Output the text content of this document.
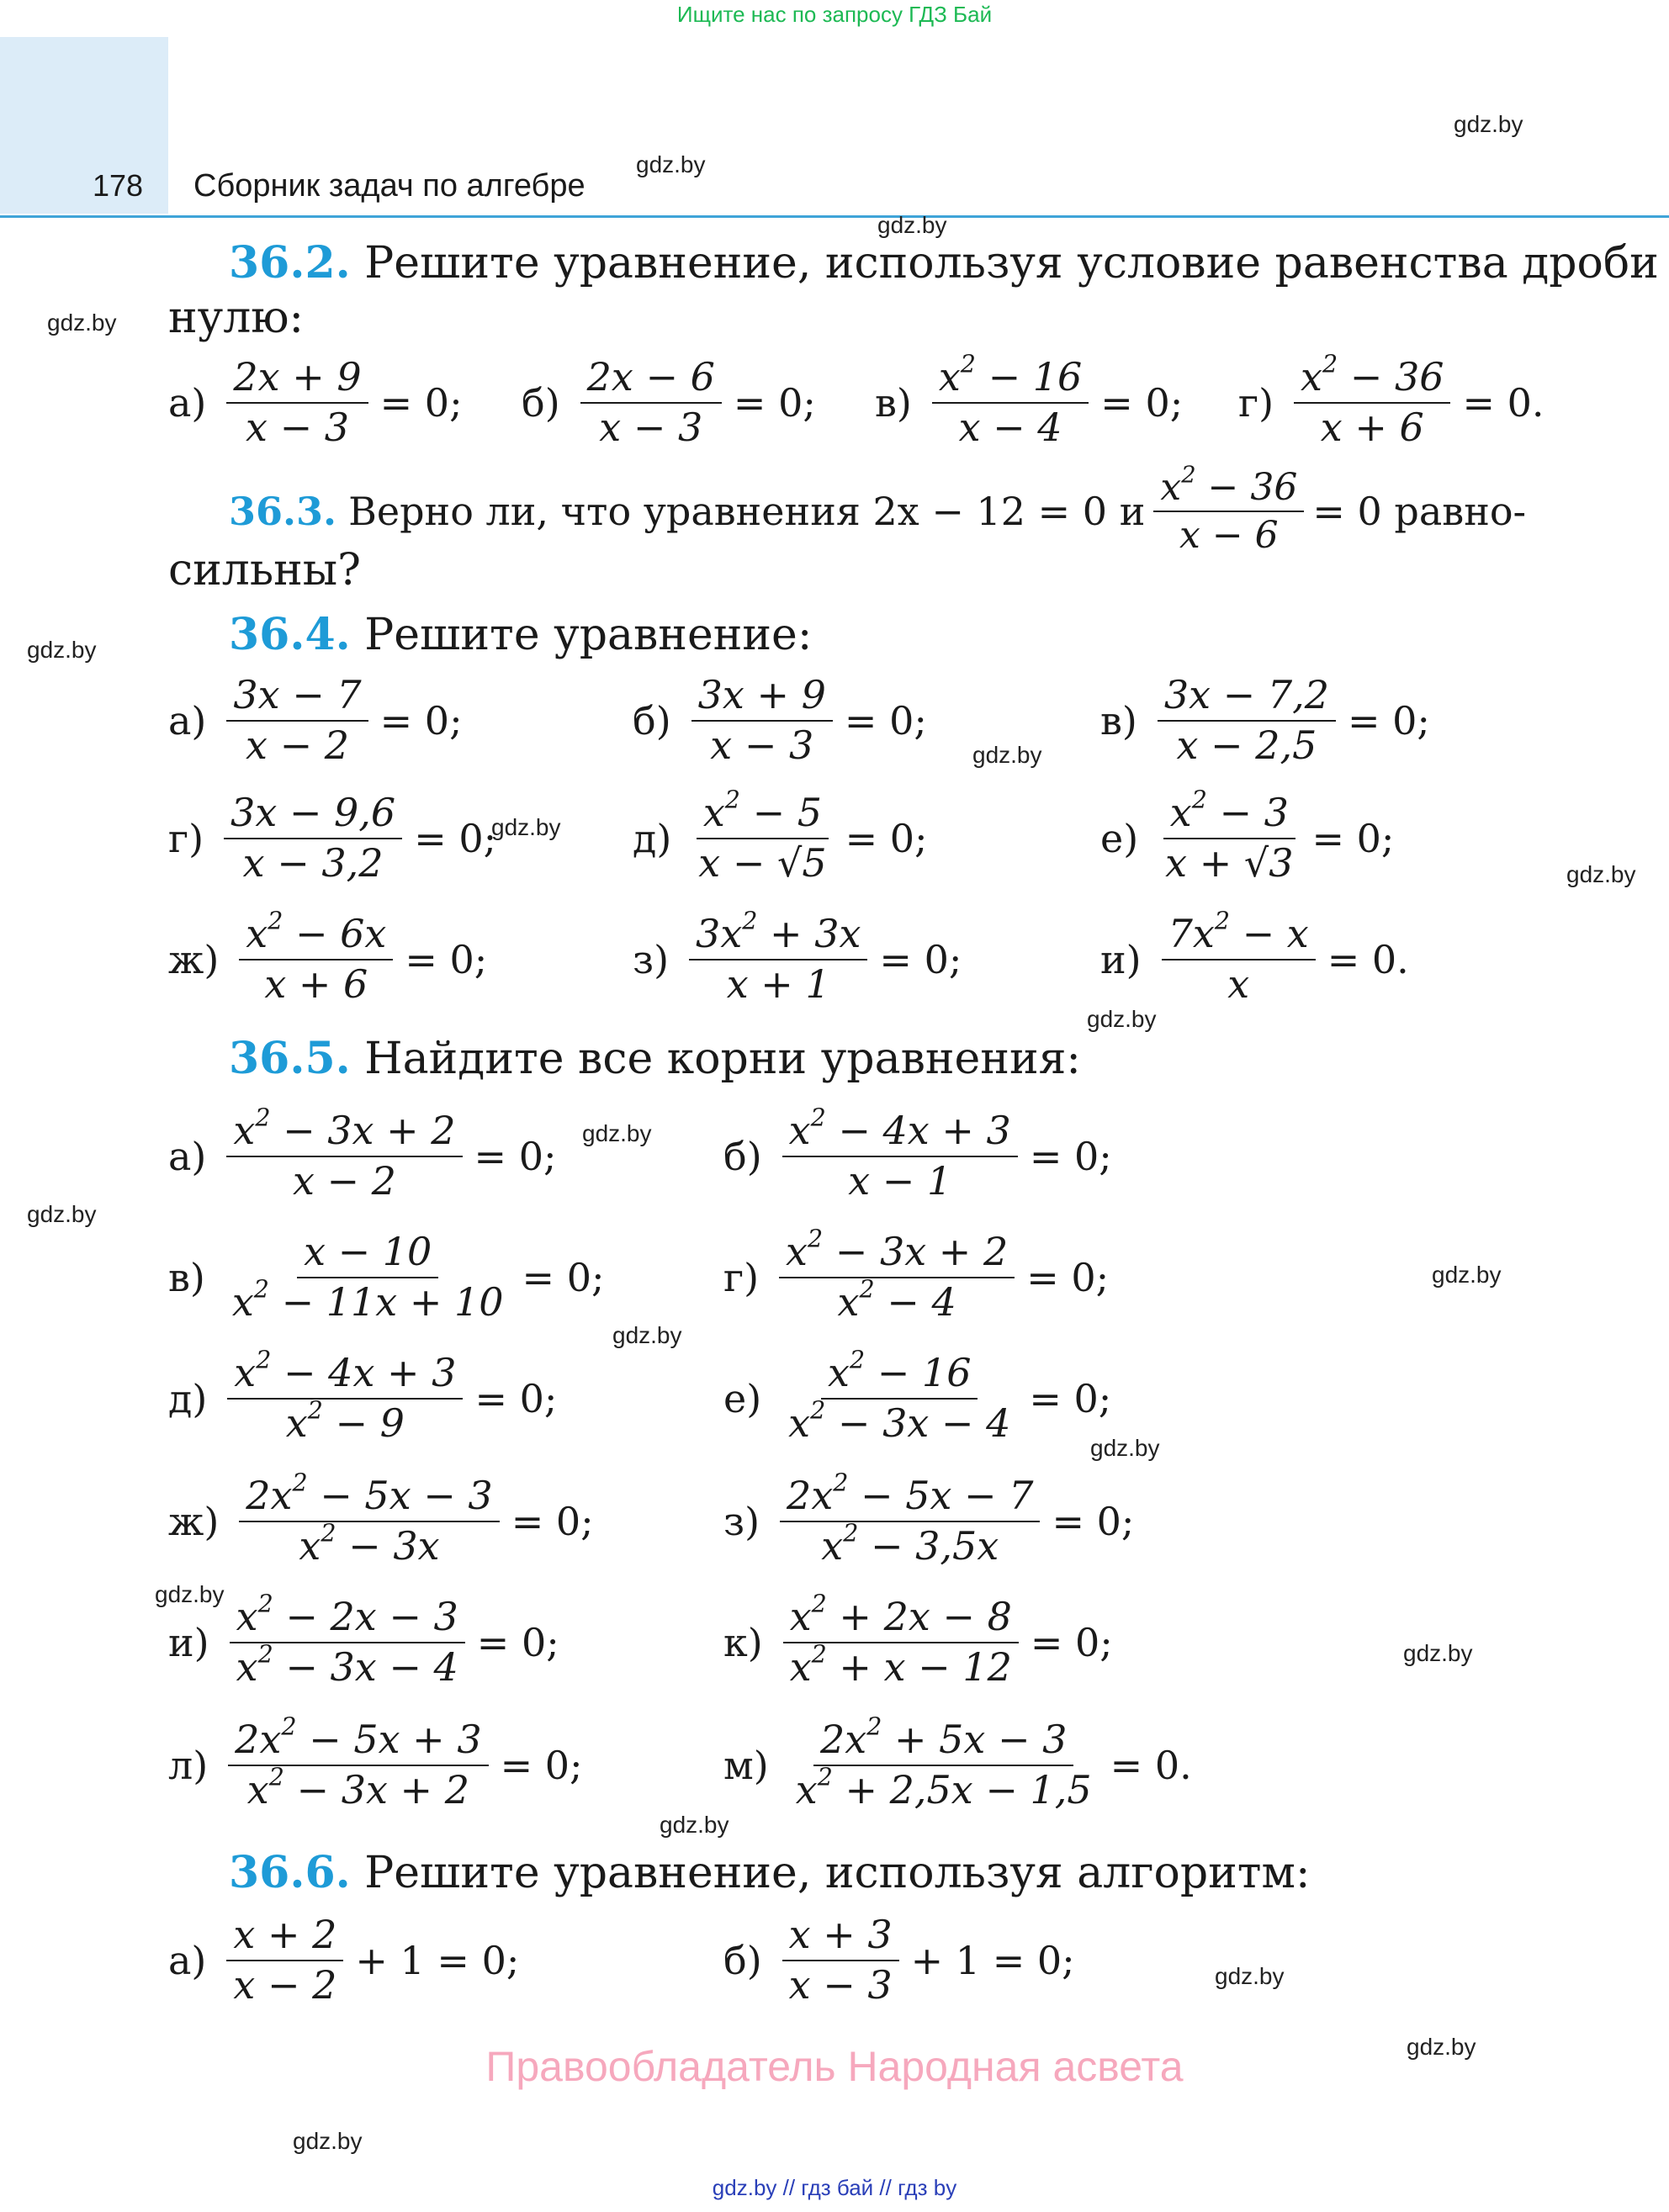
Ищите нас по запросу ГДЗ Бай
178 Сборник задач по алгебре
gdz.by
gdz.by
gdz.by
gdz.by
gdz.by
gdz.by
gdz.by
gdz.by
gdz.by
gdz.by
gdz.by
gdz.by
gdz.by
gdz.by
gdz.by
gdz.by
gdz.by
gdz.by
gdz.by
gdz.by
36.2. Решите уравнение, используя условие равенства дроби
нулю:
$а) \frac{2x + 9}{x - 3} = 0$; $б) \frac{2x - 6}{x - 3} = 0$; $в) \frac{x^2 - 16}{x - 4} = 0$; $г) \frac{x^2 - 36}{x + 6} = 0$.
36.3. Верно ли, что уравнения 2x − 12 = 0 и $\frac{x^2 - 36}{x - 6} = 0$ равно-
сильны?
36.4. Решите уравнение:
$а) \frac{3x - 7}{x - 2} = 0$;	$б) \frac{3x + 9}{x - 3} = 0$;	$в) \frac{3x - 7,2}{x - 2,5} = 0$;
$г) \frac{3x - 9,6}{x - 3,2} = 0$;	$д) \frac{x^2 - 5}{x - √5} = 0$;	$е) \frac{x^2 - 3}{x + √3} = 0$;
$ж) \frac{x^2 - 6x}{x + 6} = 0$;	$з) \frac{3x^2 + 3x}{x + 1} = 0$;	$и) \frac{7x^2 - x}{x} = 0$.
36.5. Найдите все корни уравнения:
$а) \frac{x^2 - 3x + 2}{x - 2} = 0$;	$б) \frac{x^2 - 4x + 3}{x - 1} = 0$;
$в) \frac{x - 10}{x^2 - 11x + 10} = 0$;	$г) \frac{x^2 - 3x + 2}{x^2 - 4} = 0$;
$д) \frac{x^2 - 4x + 3}{x^2 - 9} = 0$;	$е) \frac{x^2 - 16}{x^2 - 3x - 4} = 0$;
$ж) \frac{2x^2 - 5x - 3}{x^2 - 3x} = 0$;	$з) \frac{2x^2 - 5x - 7}{x^2 - 3,5x} = 0$;
$и) \frac{x^2 - 2x - 3}{x^2 - 3x - 4} = 0$;	$к) \frac{x^2 + 2x - 8}{x^2 + x - 12} = 0$;
$л) \frac{2x^2 - 5x + 3}{x^2 - 3x + 2} = 0$;	$м) \frac{2x^2 + 5x - 3}{x^2 + 2,5x - 1,5} = 0$.
36.6. Решите уравнение, используя алгоритм:
$а) \frac{x + 2}{x - 2} + 1 = 0$;	$б) \frac{x + 3}{x - 3} + 1 = 0$;
Правообладатель Народная асвета
gdz.by // гдз бай // гдз by
